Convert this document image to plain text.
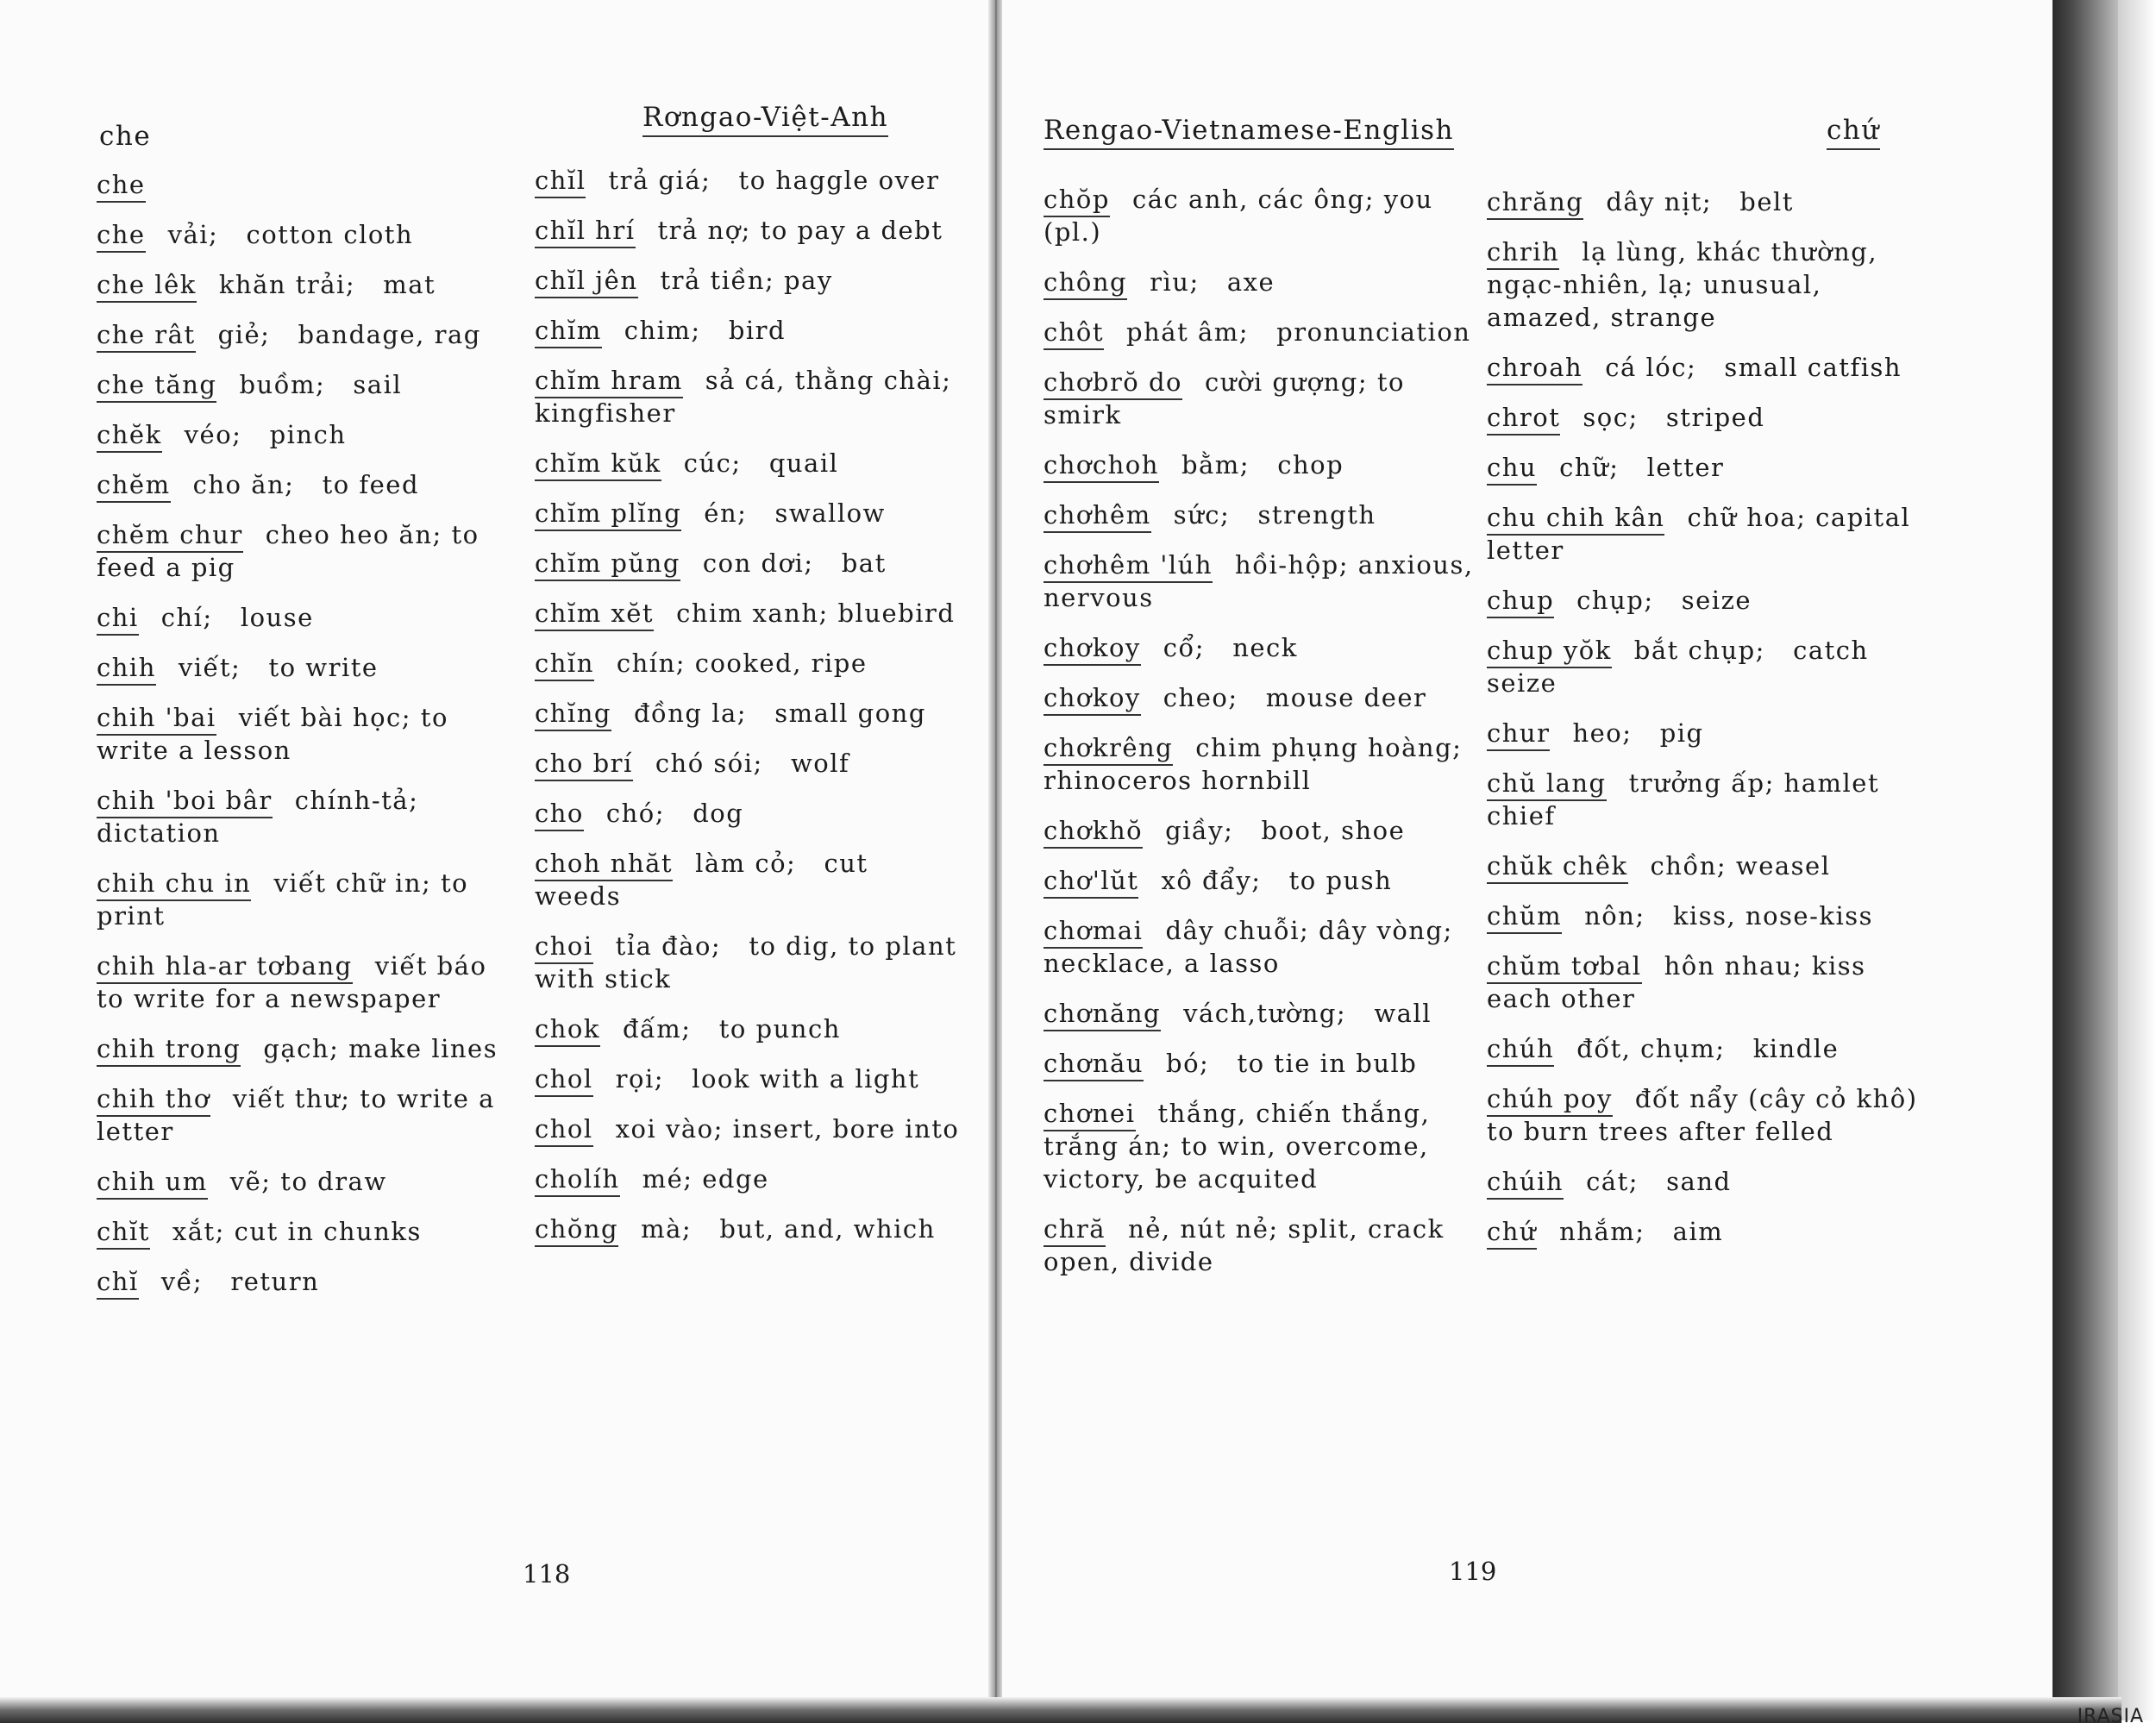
che
Rơngao-Việt-Anh
che
che vải;   cotton cloth
che lêk khăn trải;   mat
che rât giẻ;   bandage, rag
che tăng buồm;   sail
chĕk véo;   pinch
chĕm cho ăn;   to feed
chĕm chur cheo heo ăn; to feed a pig
chi chí;   louse
chih viết;   to write
chih 'bai viết bài học; to write a lesson
chih 'boi bâr chính-tả; dictation
chih chu in viết chữ in; to print
chih hla-ar tơbang viết báo to write for a newspaper
chih trong gạch; make lines
chih thơ viết thư; to write a letter
chih um vẽ; to draw
chĭt xắt; cut in chunks
chĭ về;   return
chĭl trả giá;   to haggle over
chĭl hrí trả nợ; to pay a debt
chĭl jên trả tiền; pay
chĭm chim;   bird
chĭm hram sả cá, thằng chài;   kingfisher
chĭm kŭk cúc;   quail
chĭm plĭng én;   swallow
chĭm pŭng con dơi;   bat
chĭm xĕt chim xanh; bluebird
chĭn chín; cooked, ripe
chĭng đồng la;   small gong
cho brí chó sói;   wolf
cho chó;   dog
choh nhăt làm cỏ;   cut weeds
choi tỉa đào;   to dig, to plant with stick
chok đấm;   to punch
chol rọi;   look with a light
chol xoi vào; insert, bore into
cholíh mé; edge
chŏng mà;   but, and, which
118
Rengao-Vietnamese-English	chứ
chŏp các anh, các ông; you (pl.)
chông rìu;   axe
chôt phát âm;   pronunciation
chơbrŏ do cười gượng; to smirk
chơchoh bằm;   chop
chơhêm sức;   strength
chơhêm 'lúh hồi-hộp; anxious, nervous
chơkoy cổ;   neck
chơkoy cheo;   mouse deer
chơkrêng chim phụng hoàng;   rhinoceros hornbill
chơkhŏ giầy;   boot, shoe
chơ'lŭt xô đẩy;   to push
chơmai dây chuỗi; dây vòng; necklace, a lasso
chơnăng vách,tường;   wall
chơnău bó;   to tie in bulb
chơnei thắng, chiến thắng, trắng án; to win, overcome, victory, be acquited
chră nẻ, nút nẻ; split, crack open, divide
chrăng dây nịt;   belt
chrih lạ lùng, khác thường, ngạc-nhiên, lạ; unusual, amazed, strange
chroah cá lóc;   small catfish
chrot sọc;   striped
chu chữ;   letter
chu chih kân chữ hoa; capital letter
chup chụp;   seize
chup yŏk bắt chụp;   catch seize
chur heo;   pig
chŭ lang trưởng ấp; hamlet chief
chŭk chêk chồn; weasel
chŭm nôn;   kiss, nose-kiss
chŭm tơbal hôn nhau; kiss each other
chúh đốt, chụm;   kindle
chúh poy đốt nẩy (cây cỏ khô) to burn trees after felled
chúih cát;   sand
chứ nhắm;   aim
119
IRASIA
